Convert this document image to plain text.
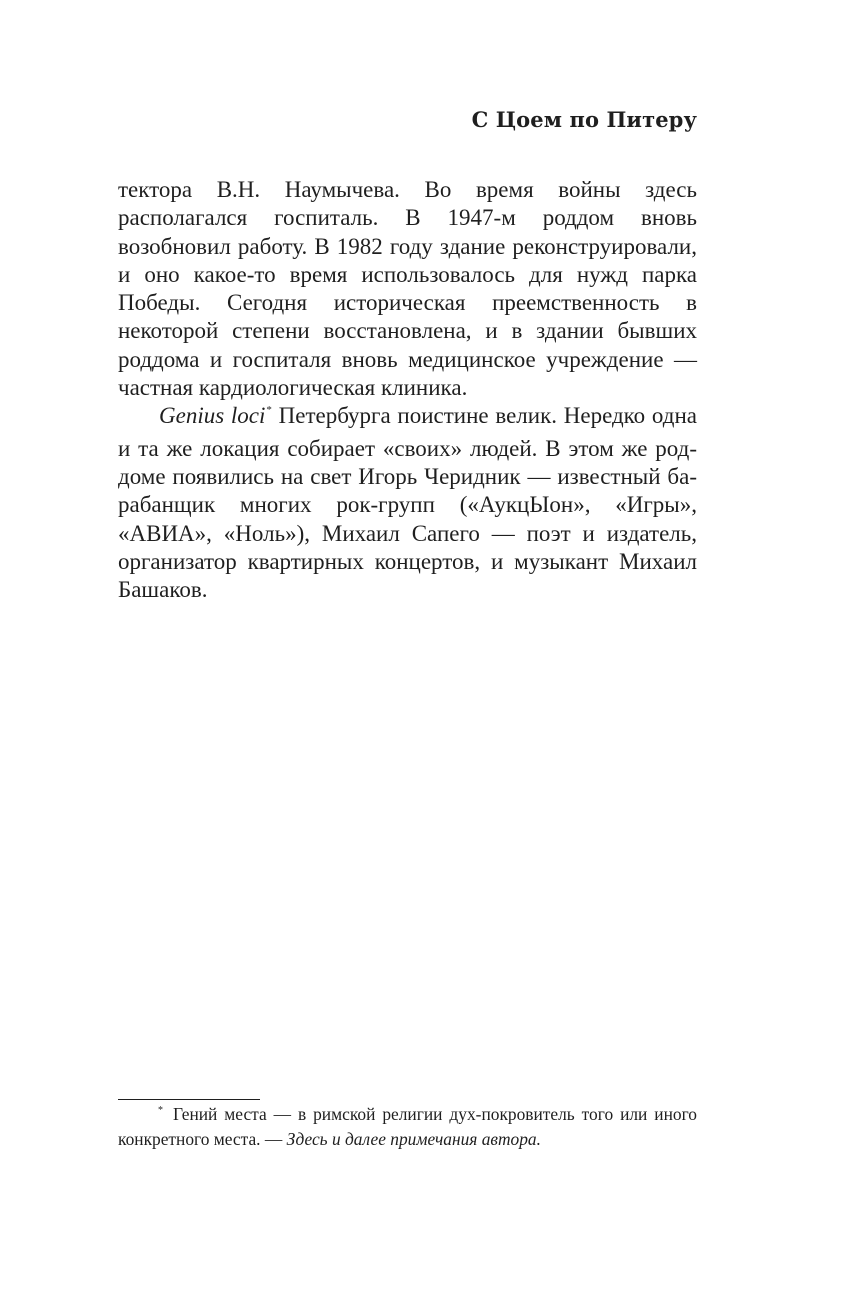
С Цоем по Питеру

тектора В.Н. Наумычева. Во время войны здесь располагался госпиталь. В 1947-м роддом вновь возобновил работу. В 1982 году здание реконструировали, и оно какое-то время использовалось для нужд парка Победы. Сегодня историческая преемственность в некоторой степени восстановлена, и в здании бывших роддома и госпиталя вновь медицинское учреждение — частная кардиологическая клиника.

Genius loci* Петербурга поистине велик. Нередко одна и та же локация собирает «своих» людей. В этом же роддоме появились на свет Игорь Черидник — известный барабанщик многих рок-групп («АукцЫон», «Игры», «АВИА», «Ноль»), Михаил Сапего — поэт и издатель, организатор квартирных концертов, и музыкант Михаил Башаков.

* Гений места — в римской религии дух-покровитель того или иного конкретного места. — Здесь и далее примечания автора.
